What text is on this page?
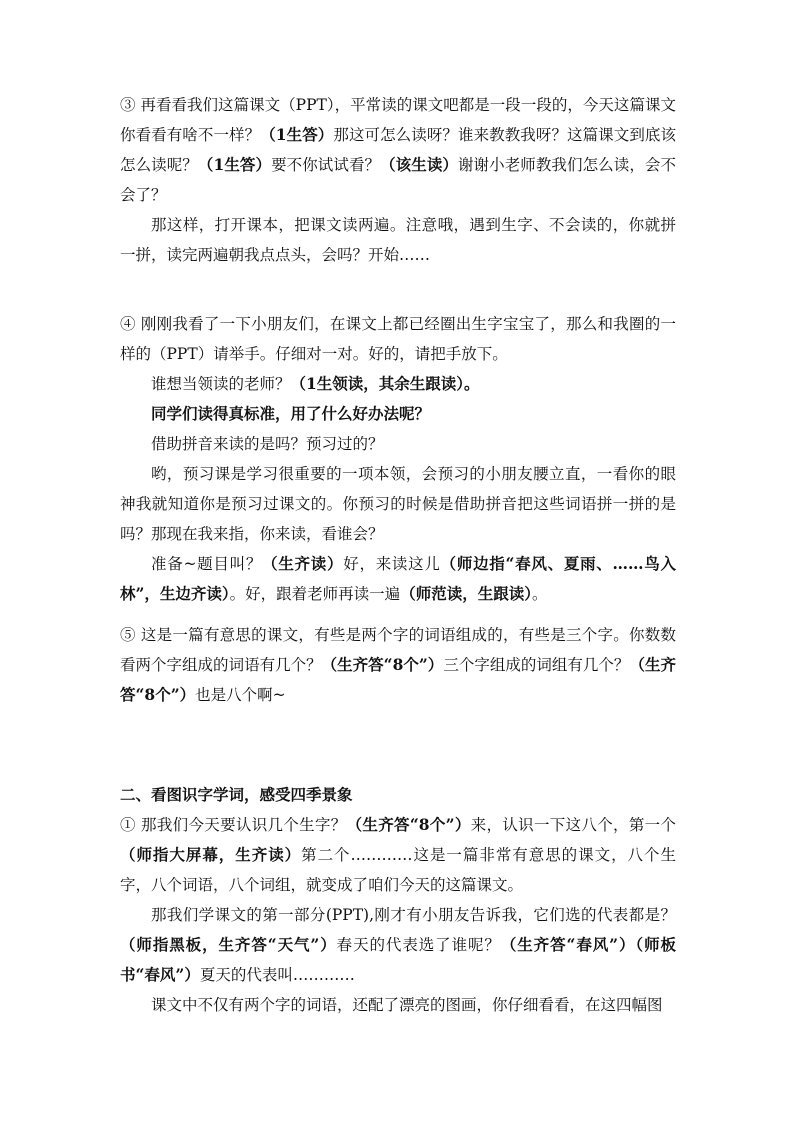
③ 再看看我们这篇课文（PPT），平常读的课文吧都是一段一段的，今天这篇课文你看看有啥不一样？（1生答）那这可怎么读呀？谁来教教我呀？这篇课文到底该怎么读呢？（1生答）要不你试试看？（该生读）谢谢小老师教我们怎么读，会不会了？

那这样，打开课本，把课文读两遍。注意哦，遇到生字、不会读的，你就拼一拼，读完两遍朝我点点头，会吗？开始……

④ 刚刚我看了一下小朋友们，在课文上都已经圈出生字宝宝了，那么和我圈的一样的（PPT）请举手。仔细对一对。好的，请把手放下。

谁想当领读的老师？（1生领读，其余生跟读）。

同学们读得真标准，用了什么好办法呢？

借助拼音来读的是吗？预习过的？

哟，预习课是学习很重要的一项本领，会预习的小朋友腰立直，一看你的眼神我就知道你是预习过课文的。你预习的时候是借助拼音把这些词语拼一拼的是吗？那现在我来指，你来读，看谁会？

准备~题目叫？（生齐读）好，来读这儿（师边指“春风、夏雨、……鸟入林”，生边齐读）。好，跟着老师再读一遍（师范读，生跟读）。

⑤ 这是一篇有意思的课文，有些是两个字的词语组成的，有些是三个字。你数数看两个字组成的词语有几个？（生齐答“8个”）三个字组成的词组有几个？（生齐答“8个”）也是八个啊~

二、看图识字学词，感受四季景象

① 那我们今天要认识几个生字？（生齐答“8个”）来，认识一下这八个，第一个（师指大屏幕，生齐读）第二个…………这是一篇非常有意思的课文，八个生字，八个词语，八个词组，就变成了咱们今天的这篇课文。

那我们学课文的第一部分(PPT),刚才有小朋友告诉我，它们选的代表都是？（师指黑板，生齐答“天气”）春天的代表选了谁呢？（生齐答“春风”）（师板书“春风”）夏天的代表叫…………

课文中不仅有两个字的词语，还配了漂亮的图画，你仔细看看，在这四幅图
